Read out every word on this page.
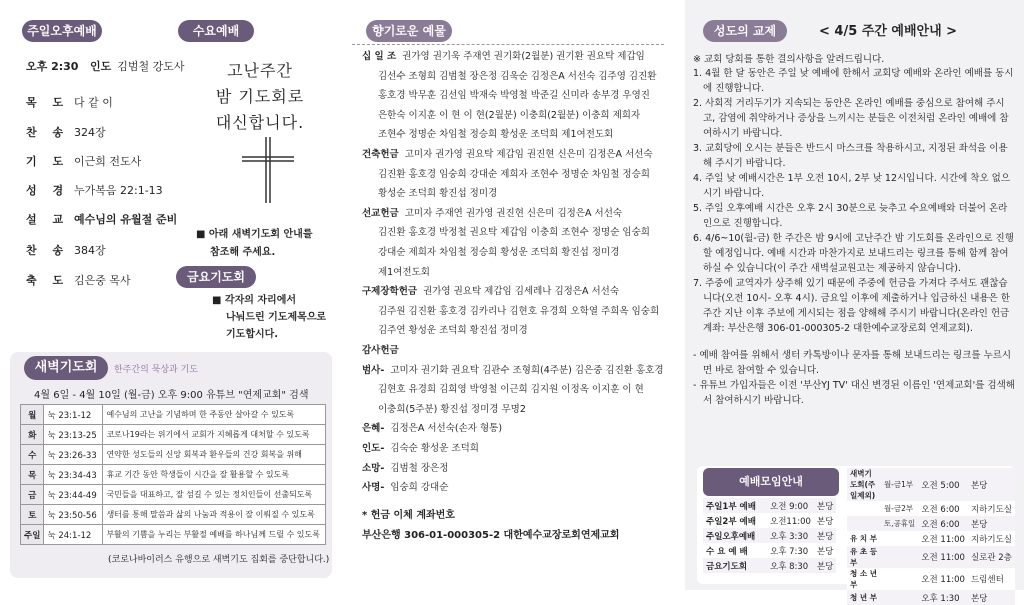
주일오후예배
오후 2:30 인도 김범철 강도사
목 도 다 같 이
찬 송 324장
기 도 이근희 전도사
성 경 누가복음 22:1-13
설 교 예수님의 유월절 준비
찬 송 384장
축 도 김은중 목사
수요예배
고난주간
밤 기도회로
대신합니다.
■ 아래 새벽기도회 안내를
참조해 주세요.
금요기도회
■ 각자의 자리에서
나눠드린 기도제목으로
기도합시다.
새벽기도회	한주간의 묵상과 기도
4월 6일 - 4월 10일 (월-금) 오후 9:00 유튜브 "연제교회" 검색
월	눅 23:1-12	예수님의 고난을 기념하며 한 주동안 살아갈 수 있도록
화	눅 23:13-25	코로나19라는 위기에서 교회가 지혜롭게 대처할 수 있도록
수	눅 23:26-33	연약한 성도들의 신앙 회복과 환우들의 건강 회복을 위해
목	눅 23:34-43	휴교 기간 동안 학생들이 시간을 잘 활용할 수 있도록
금	눅 23:44-49	국민들을 대표하고, 잘 섬길 수 있는 정치인들이 선출되도록
토	눅 23:50-56	생터를 통해 말씀과 삶의 나눔과 적용이 잘 이뤄질 수 있도록
주일	눅 24:1-12	부활의 기쁨을 누리는 부활절 예배를 하나님께 드릴 수 있도록
(코로나바이러스 유행으로 새벽기도 집회를 중단합니다.)
향기로운 예물
십 일 조 권가영 권기욱 주재연 권기화(2월분) 권기환 권요탁 제갑임
김선수 조형희 김범철 장은정 김욱순 김정은A 서선숙 김주영 김진환
홍호경 박무훈 김선임 박재숙 박영철 박준길 신미라 송부경 우영진
은한숙 이지훈 이 현 이 현(2월분) 이충희(2월분) 이충희 제희자
조현수 정명순 차임철 정승희 황성운 조덕희 제1여전도회
건축헌금 고미자 권가영 권요탁 제갑임 권진현 신은미 김정은A 서선숙
김진환 홍호경 임숭희 강대순 제희자 조현수 정명순 차임철 정승희
황성순 조덕희 황진섭 정미경
선교헌금 고미자 주재연 권가영 권진현 신은미 김정은A 서선숙
김진환 홍호경 박정철 권요탁 제갑임 이충희 조현수 정명순 임숭희
강대순 제희자 차임철 정승희 황성운 조덕희 황진섭 정미경
제1여전도회
구제장학헌금 권가영 권요탁 제갑임 김세레나 김정은A 서선숙
김주원 김진환 홍호경 김카리나 김현호 유경희 오학열 주희옥 임숭희
김주연 황성운 조덕희 황진섭 정미경
감사헌금
범사- 고미자 권기화 권요탁 김관수 조형희(4주분) 김은중 김진환 홍호경
김현호 유경희 김희영 박영철 이근희 김지원 이정옥 이지훈 이 현
이충희(5주분) 황진섭 정미경 무명2
은혜- 김정은A 서선숙(손자 형통)
인도- 김숙순 황성운 조덕희
소망- 김범철 장은정
사명- 임숭희 강대순
* 헌금 이체 계좌번호
부산은행 306-01-000305-2 대한예수교장로회연제교회
성도의 교제	< 4/5 주간 예배안내 >
※ 교회 당회를 통한 결의사항을 알려드립니다.
1. 4월 한 달 동안은 주일 낮 예배에 한해서 교회당 예배와 온라인 예배를 동시에 진행합니다.
2. 사회적 거리두기가 지속되는 동안은 온라인 예배를 중심으로 참여해 주시고, 감염에 취약하거나 증상을 느끼시는 분들은 이전처럼 온라인 예배에 참여하시기 바랍니다.
3. 교회당에 오시는 분들은 반드시 마스크를 착용하시고, 지정된 좌석을 이용해 주시기 바랍니다.
4. 주일 낮 예배시간은 1부 오전 10시, 2부 낮 12시입니다. 시간에 착오 없으시기 바랍니다.
5. 주일 오후예배 시간은 오후 2시 30분으로 늦추고 수요예배와 더불어 온라인으로 진행합니다.
6. 4/6~10(월-금) 한 주간은 밤 9시에 고난주간 밤 기도회를 온라인으로 진행할 예정입니다. 예배 시간과 마찬가지로 보내드리는 링크를 통해 함께 참여하실 수 있습니다(이 주간 새벽설교원고는 제공하지 않습니다).
7. 주중에 교역자가 상주해 있기 때문에 주중에 헌금을 가져다 주셔도 괜찮습니다(오전 10시- 오후 4시). 금요일 이후에 제출하거나 입금하신 내용은 한 주간 지난 이후 주보에 게시되는 점을 양해해 주시기 바랍니다(온라인 헌금계좌: 부산은행 306-01-000305-2 대한예수교장로회 연제교회).
- 예배 참여를 위해서 생터 카톡방이나 문자를 통해 보내드리는 링크를 누르시면 바로 참여할 수 있습니다.
- 유튜브 가입자들은 이전 '부산YJ TV' 대신 변경된 이름인 '연제교회'를 검색해서 참여하시기 바랍니다.
예배모임안내
주일1부 예배	오전 9:00	본당
주일2부 예배	오전11:00	본당
주일오후예배	오후 3:30	본당
수 요 예 배	오후 7:30	본당
금요기도회	오후 8:30	본당
새벽기도회(주일제외)	월-금1부	오전 5:00	본당
	월-금2부	오전 6:00	지하기도실
	토,공휴일	오전 6:00	본당
유 치 부		오전 11:00	지하기도실
유 초 등 부		오전 11:00	실로관 2층
청 소 년 부		오전 11:00	드림센터
청 년 부		오후 1:30	본당
